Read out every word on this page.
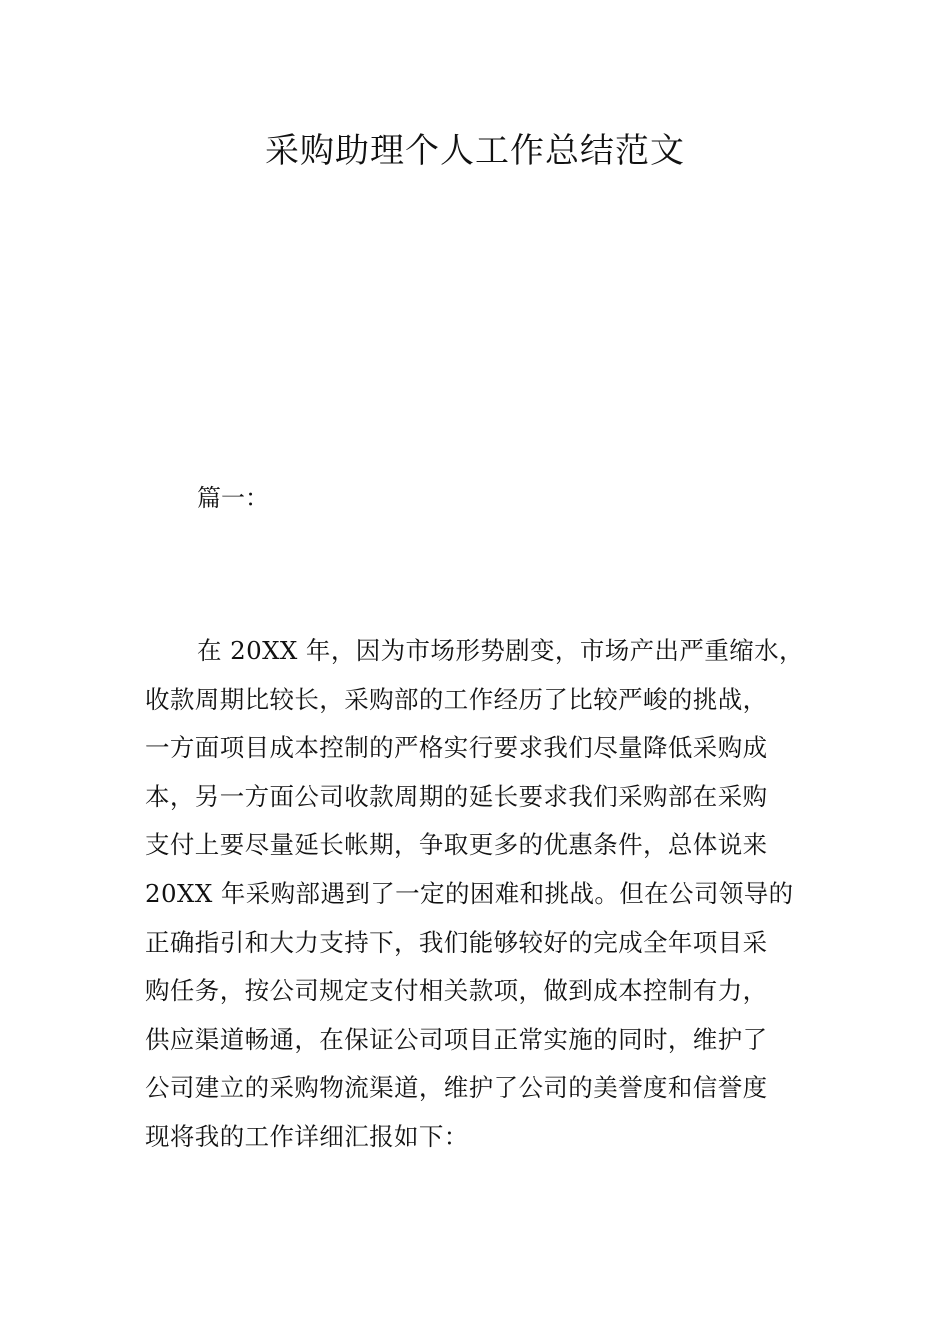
采购助理个人工作总结范文

篇一：

在 20XX 年，因为市场形势剧变，市场产出严重缩水，
收款周期比较长，采购部的工作经历了比较严峻的挑战，
一方面项目成本控制的严格实行要求我们尽量降低采购成
本，另一方面公司收款周期的延长要求我们采购部在采购
支付上要尽量延长帐期，争取更多的优惠条件，总体说来
20XX 年采购部遇到了一定的困难和挑战。但在公司领导的
正确指引和大力支持下，我们能够较好的完成全年项目采
购任务，按公司规定支付相关款项，做到成本控制有力，
供应渠道畅通，在保证公司项目正常实施的同时，维护了
公司建立的采购物流渠道，维护了公司的美誉度和信誉度
现将我的工作详细汇报如下：
